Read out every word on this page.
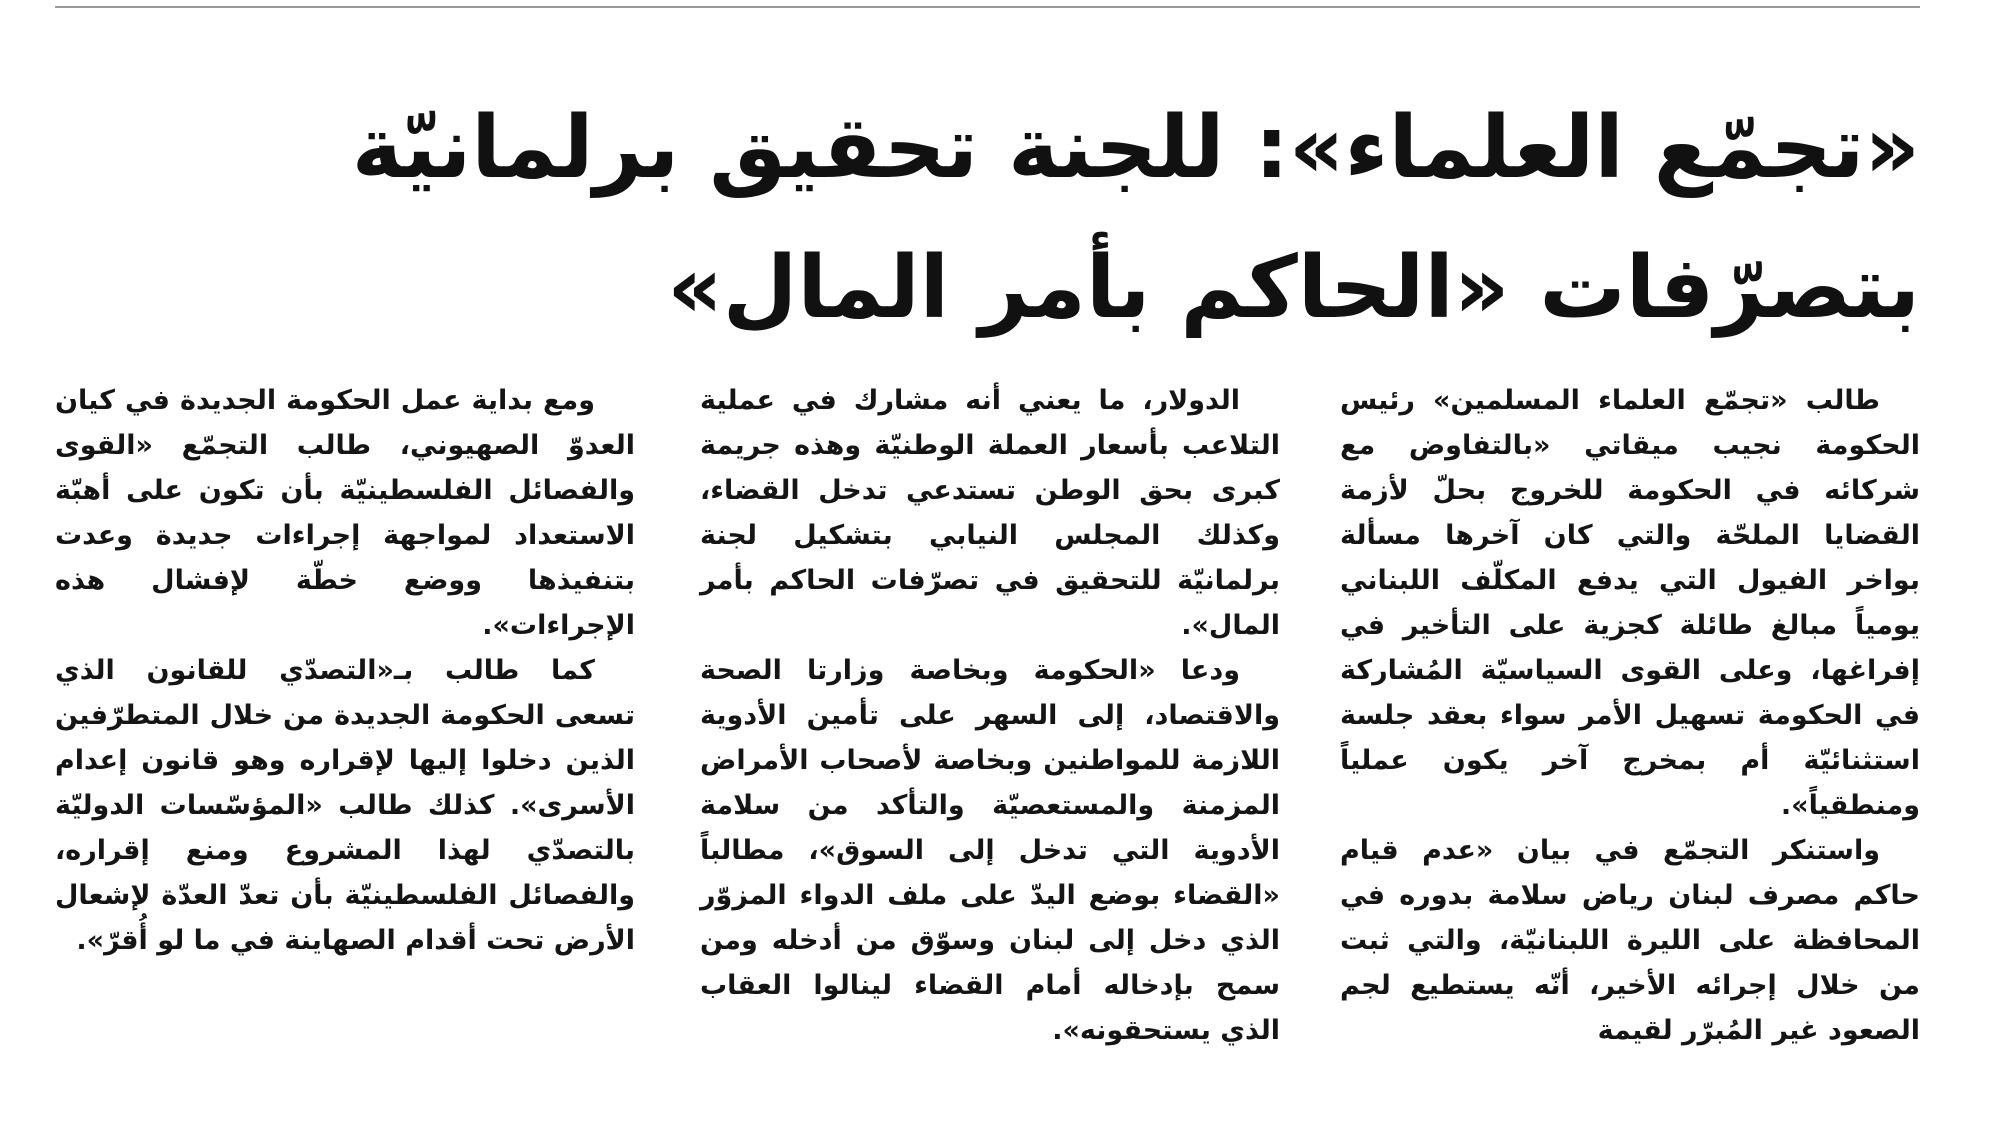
«تجمّع العلماء»: للجنة تحقيق برلمانيّة
بتصرّفات «الحاكم بأمر المال»

طالب «تجمّع العلماء المسلمين» رئيس الحكومة نجيب ميقاتي «بالتفاوض مع شركائه في الحكومة للخروج بحلّ لأزمة القضايا الملحّة والتي كان آخرها مسألة بواخر الفيول التي يدفع المكلّف اللبناني يومياً مبالغ طائلة كجزية على التأخير في إفراغها، وعلى القوى السياسيّة المُشاركة في الحكومة تسهيل الأمر سواء بعقد جلسة استثنائيّة أم بمخرج آخر يكون عملياً ومنطقياً».

واستنكر التجمّع في بيان «عدم قيام حاكم مصرف لبنان رياض سلامة بدوره في المحافظة على الليرة اللبنانيّة، والتي ثبت من خلال إجرائه الأخير، أنّه يستطيع لجم الصعود غير المُبرّر لقيمة

الدولار، ما يعني أنه مشارك في عملية التلاعب بأسعار العملة الوطنيّة وهذه جريمة كبرى بحق الوطن تستدعي تدخل القضاء، وكذلك المجلس النيابي بتشكيل لجنة برلمانيّة للتحقيق في تصرّفات الحاكم بأمر المال».

ودعا «الحكومة وبخاصة وزارتا الصحة والاقتصاد، إلى السهر على تأمين الأدوية اللازمة للمواطنين وبخاصة لأصحاب الأمراض المزمنة والمستعصيّة والتأكد من سلامة الأدوية التي تدخل إلى السوق»، مطالباً «القضاء بوضع اليدّ على ملف الدواء المزوّر الذي دخل إلى لبنان وسوّق من أدخله ومن سمح بإدخاله أمام القضاء لينالوا العقاب الذي يستحقونه».

ومع بداية عمل الحكومة الجديدة في كيان العدوّ الصهيوني، طالب التجمّع «القوى والفصائل الفلسطينيّة بأن تكون على أهبّة الاستعداد لمواجهة إجراءات جديدة وعدت بتنفيذها ووضع خطّة لإفشال هذه الإجراءات».

كما طالب بـ«التصدّي للقانون الذي تسعى الحكومة الجديدة من خلال المتطرّفين الذين دخلوا إليها لإقراره وهو قانون إعدام الأسرى». كذلك طالب «المؤسّسات الدوليّة بالتصدّي لهذا المشروع ومنع إقراره، والفصائل الفلسطينيّة بأن تعدّ العدّة لإشعال الأرض تحت أقدام الصهاينة في ما لو أُقرّ».
